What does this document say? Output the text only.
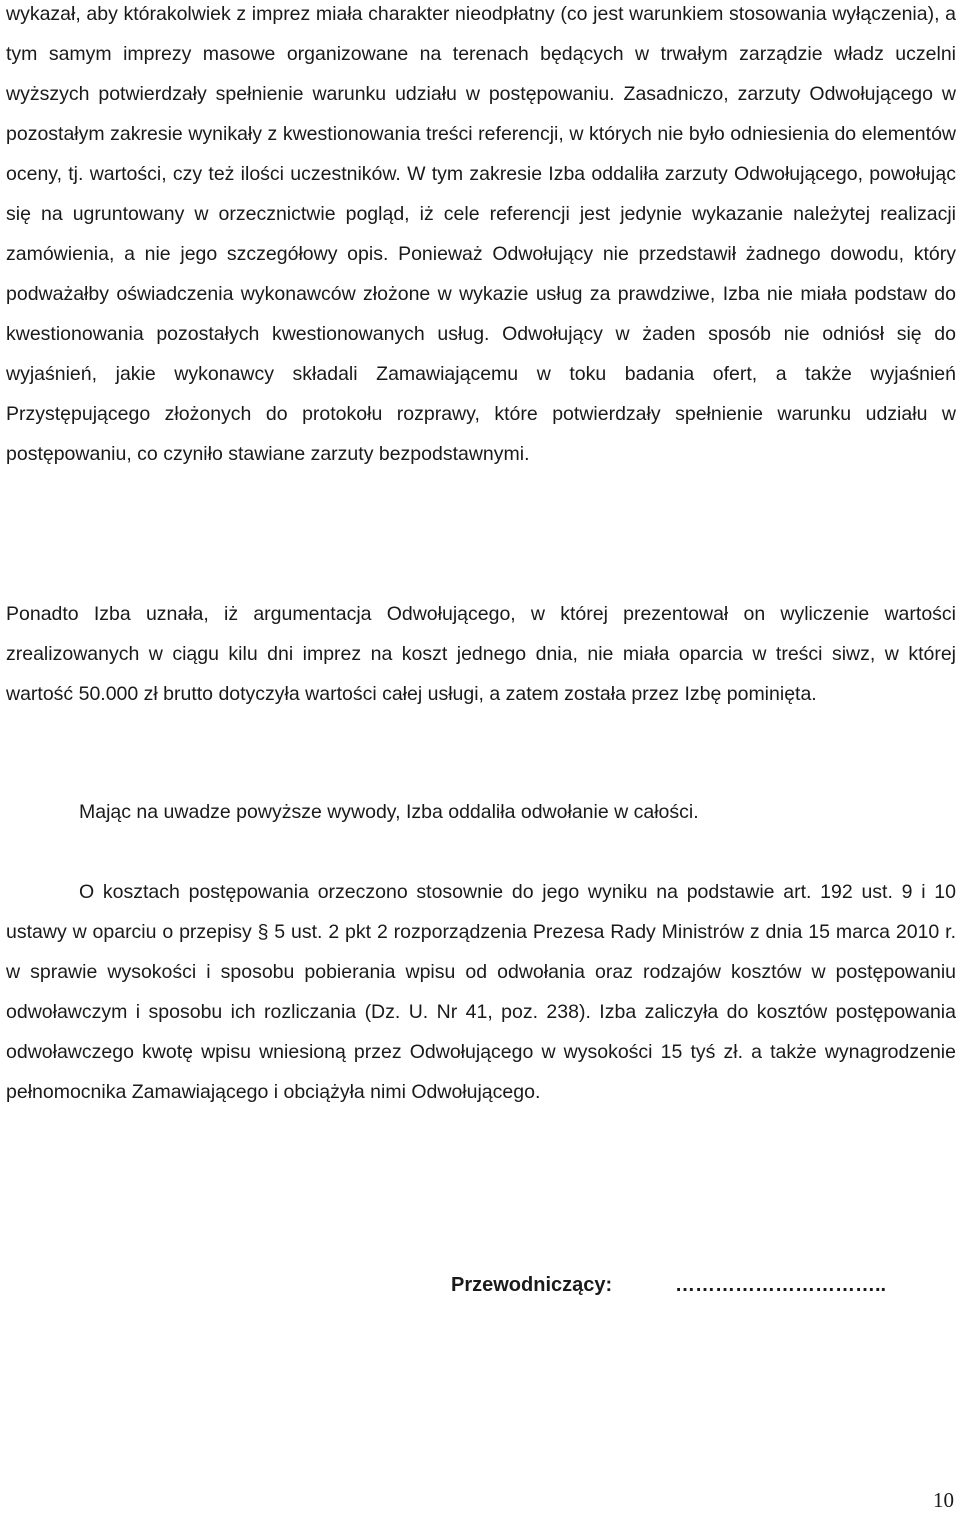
wykazał, aby którakolwiek z imprez miała charakter nieodpłatny (co jest warunkiem stosowania wyłączenia), a tym samym imprezy masowe organizowane na terenach będących w trwałym zarządzie władz uczelni wyższych potwierdzały spełnienie warunku udziału w postępowaniu. Zasadniczo, zarzuty Odwołującego w pozostałym zakresie wynikały z kwestionowania treści referencji, w których nie było odniesienia do elementów oceny, tj. wartości, czy też ilości uczestników. W tym zakresie Izba oddaliła zarzuty Odwołującego, powołując się na ugruntowany w orzecznictwie pogląd, iż cele referencji jest jedynie wykazanie należytej realizacji zamówienia, a nie jego szczegółowy opis. Ponieważ Odwołujący nie przedstawił żadnego dowodu, który podważałby oświadczenia wykonawców złożone w wykazie usług za prawdziwe, Izba nie miała podstaw do kwestionowania pozostałych kwestionowanych usług. Odwołujący w żaden sposób nie odniósł się do wyjaśnień, jakie wykonawcy składali Zamawiającemu w toku badania ofert, a także wyjaśnień Przystępującego złożonych do protokołu rozprawy, które potwierdzały spełnienie warunku udziału w postępowaniu, co czyniło stawiane zarzuty bezpodstawnymi.

Ponadto Izba uznała, iż argumentacja Odwołującego, w której prezentował on wyliczenie wartości zrealizowanych w ciągu kilu dni imprez na koszt jednego dnia, nie miała oparcia w treści siwz, w której wartość 50.000 zł brutto dotyczyła wartości całej usługi, a zatem została przez Izbę pominięta.

Mając na uwadze powyższe wywody, Izba oddaliła odwołanie w całości.

O kosztach postępowania orzeczono stosownie do jego wyniku na podstawie art. 192 ust. 9 i 10 ustawy w oparciu o przepisy § 5 ust. 2 pkt 2 rozporządzenia Prezesa Rady Ministrów z dnia 15 marca 2010 r. w sprawie wysokości i sposobu pobierania wpisu od odwołania oraz rodzajów kosztów w postępowaniu odwoławczym i sposobu ich rozliczania (Dz. U. Nr 41, poz. 238). Izba zaliczyła do kosztów postępowania odwoławczego kwotę wpisu wniesioną przez Odwołującego w wysokości 15 tyś zł. a także wynagrodzenie pełnomocnika Zamawiającego i obciążyła nimi Odwołującego.

Przewodniczący:	…………………………..
10
